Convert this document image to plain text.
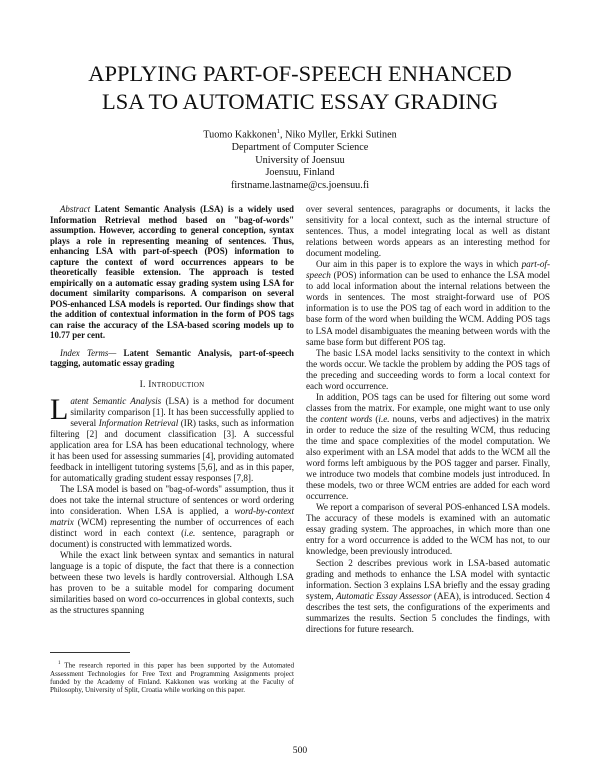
APPLYING PART-OF-SPEECH ENHANCED
LSA TO AUTOMATIC ESSAY GRADING
Tuomo Kakkonen$^1$, Niko Myller, Erkki Sutinen
Department of Computer Science
University of Joensuu
Joensuu, Finland
firstname.lastname@cs.joensuu.fi

Abstract Latent Semantic Analysis (LSA) is a widely used Information Retrieval method based on "bag-of-words" assumption. However, according to general conception, syntax plays a role in representing meaning of sentences. Thus, enhancing LSA with part-of-speech (POS) information to capture the context of word occurrences appears to be theoretically feasible extension. The approach is tested empirically on a automatic essay grading system using LSA for document similarity comparisons. A comparison on several POS-enhanced LSA models is reported. Our findings show that the addition of contextual information in the form of POS tags can raise the accuracy of the LSA-based scoring models up to 10.77 per cent.

Index Terms— Latent Semantic Analysis, part-of-speech tagging, automatic essay grading

I. Introduction

Latent Semantic Analysis (LSA) is a method for document similarity comparison [1]. It has been successfully applied to several Information Retrieval (IR) tasks, such as information filtering [2] and document classification [3]. A successful application area for LSA has been educational technology, where it has been used for assessing summaries [4], providing automated feedback in intelligent tutoring systems [5,6], and as in this paper, for automatically grading student essay responses [7,8].

The LSA model is based on "bag-of-words" assumption, thus it does not take the internal structure of sentences or word ordering into consideration. When LSA is applied, a word-by-context matrix (WCM) representing the number of occurrences of each distinct word in each context (i.e. sentence, paragraph or document) is constructed with lemmatized words.

While the exact link between syntax and semantics in natural language is a topic of dispute, the fact that there is a connection between these two levels is hardly controversial. Although LSA has proven to be a suitable model for comparing document similarities based on word co-occurrences in global contexts, such as the structures spanning

$^1$ The research reported in this paper has been supported by the Automated Assessment Technologies for Free Text and Programming Assignments project funded by the Academy of Finland. Kakkonen was working at the Faculty of Philosophy, University of Split, Croatia while working on this paper.

over several sentences, paragraphs or documents, it lacks the sensitivity for a local context, such as the internal structure of sentences. Thus, a model integrating local as well as distant relations between words appears as an interesting method for document modeling.

Our aim in this paper is to explore the ways in which part-of-speech (POS) information can be used to enhance the LSA model to add local information about the internal relations between the words in sentences. The most straight-forward use of POS information is to use the POS tag of each word in addition to the base form of the word when building the WCM. Adding POS tags to LSA model disambiguates the meaning between words with the same base form but different POS tag.

The basic LSA model lacks sensitivity to the context in which the words occur. We tackle the problem by adding the POS tags of the preceding and succeeding words to form a local context for each word occurrence.

In addition, POS tags can be used for filtering out some word classes from the matrix. For example, one might want to use only the content words (i.e. nouns, verbs and adjectives) in the matrix in order to reduce the size of the resulting WCM, thus reducing the time and space complexities of the model computation. We also experiment with an LSA model that adds to the WCM all the word forms left ambiguous by the POS tagger and parser. Finally, we introduce two models that combine models just introduced. In these models, two or three WCM entries are added for each word occurrence.

We report a comparison of several POS-enhanced LSA models. The accuracy of these models is examined with an automatic essay grading system. The approaches, in which more than one entry for a word occurrence is added to the WCM has not, to our knowledge, been previously introduced.

Section 2 describes previous work in LSA-based automatic grading and methods to enhance the LSA model with syntactic information. Section 3 explains LSA briefly and the essay grading system, Automatic Essay Assessor (AEA), is introduced. Section 4 describes the test sets, the configurations of the experiments and summarizes the results. Section 5 concludes the findings, with directions for future research.

500
